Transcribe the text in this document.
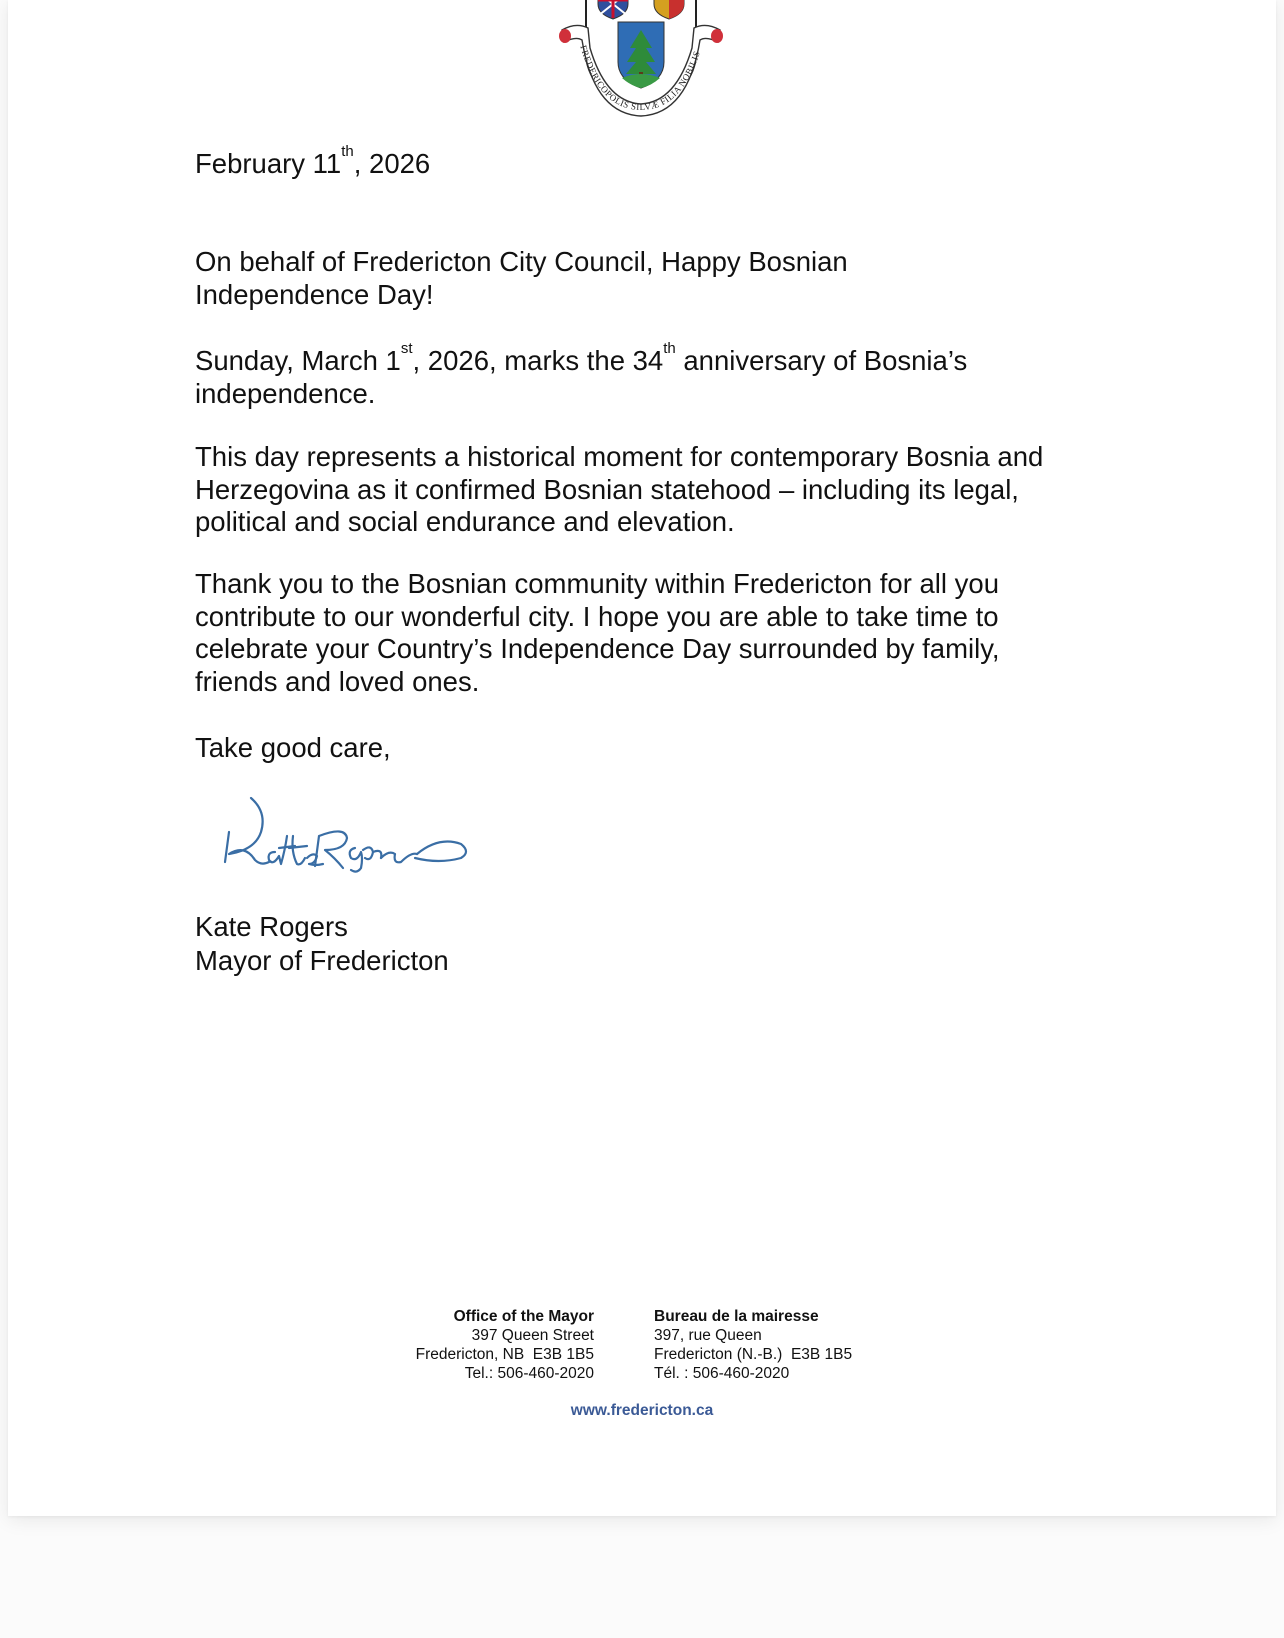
FREDERICOPOLIS SILVÆ FILIA NOBILIS
February 11th, 2026

On behalf of Fredericton City Council, Happy Bosnian Independence Day!

Sunday, March 1st, 2026, marks the 34th anniversary of Bosnia’s independence.

This day represents a historical moment for contemporary Bosnia and Herzegovina as it confirmed Bosnian statehood – including its legal, political and social endurance and elevation.

Thank you to the Bosnian community within Fredericton for all you contribute to our wonderful city. I hope you are able to take time to celebrate your Country’s Independence Day surrounded by family, friends and loved ones.

Take good care,
Kate Rogers
Mayor of Fredericton
Office of the Mayor
397 Queen Street
Fredericton, NB  E3B 1B5
Tel.: 506-460-2020
Bureau de la mairesse
397, rue Queen
Fredericton (N.-B.)  E3B 1B5
Tél. : 506-460-2020
www.fredericton.ca
